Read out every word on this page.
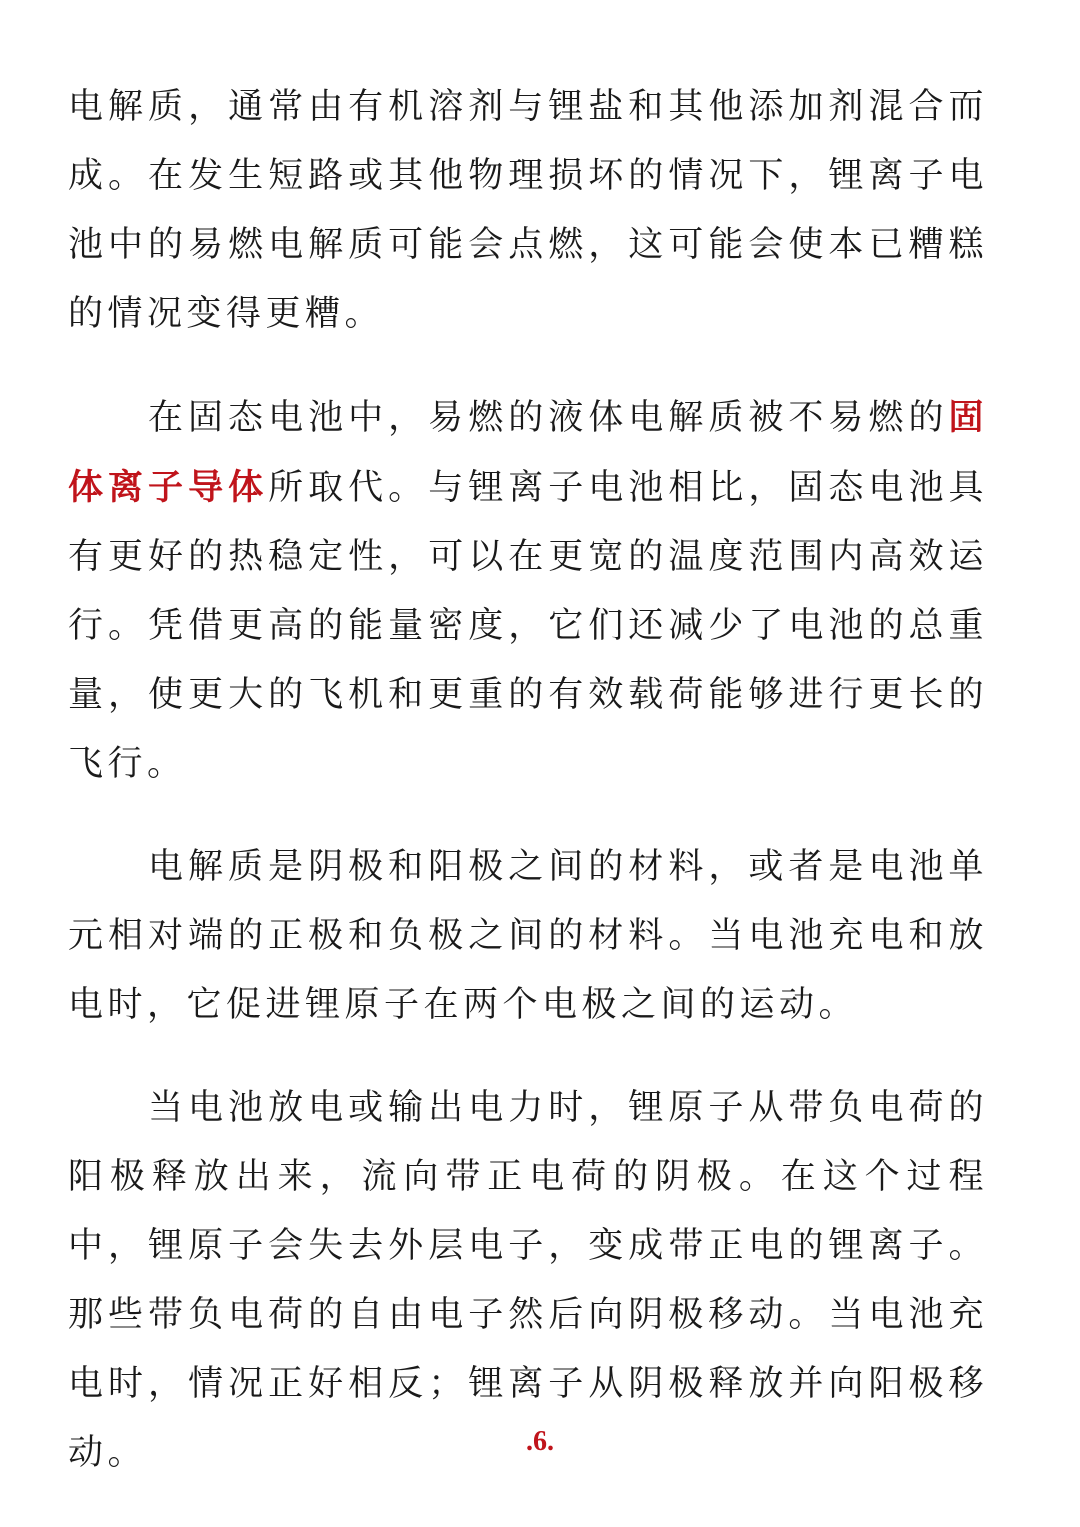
电解质，通常由有机溶剂与锂盐和其他添加剂混合而成。在发生短路或其他物理损坏的情况下，锂离子电池中的易燃电解质可能会点燃，这可能会使本已糟糕的情况变得更糟。

在固态电池中，易燃的液体电解质被不易燃的固体离子导体所取代。与锂离子电池相比，固态电池具有更好的热稳定性，可以在更宽的温度范围内高效运行。凭借更高的能量密度，它们还减少了电池的总重量，使更大的飞机和更重的有效载荷能够进行更长的飞行。

电解质是阴极和阳极之间的材料，或者是电池单元相对端的正极和负极之间的材料。当电池充电和放电时，它促进锂原子在两个电极之间的运动。

当电池放电或输出电力时，锂原子从带负电荷的阳极释放出来，流向带正电荷的阴极。在这个过程中，锂原子会失去外层电子，变成带正电的锂离子。那些带负电荷的自由电子然后向阴极移动。当电池充电时，情况正好相反；锂离子从阴极释放并向阳极移动。	.6.
